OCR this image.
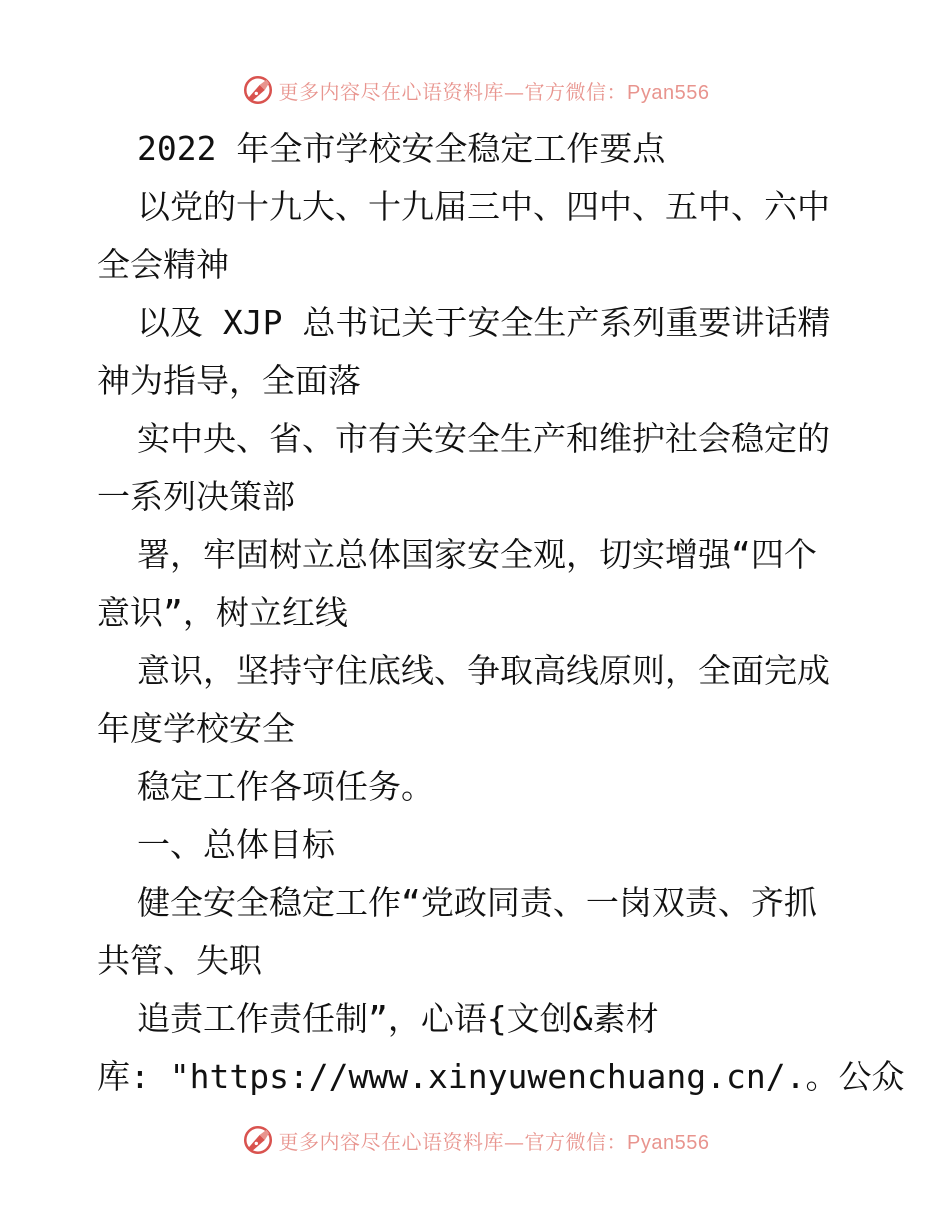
更多内容尽在心语资料库—官方微信：Pyan556
2022 年全市学校安全稳定工作要点
以党的十九大、十九届三中、四中、五中、六中
全会精神
以及 XJP 总书记关于安全生产系列重要讲话精
神为指导，全面落
实中央、省、市有关安全生产和维护社会稳定的
一系列决策部
署，牢固树立总体国家安全观，切实增强“四个
意识”，树立红线
意识，坚持守住底线、争取高线原则，全面完成
年度学校安全
稳定工作各项任务。
一、总体目标
健全安全稳定工作“党政同责、一岗双责、齐抓
共管、失职
追责工作责任制”，心语{文创&素材
库: "https://www.xinyuwenchuang.cn/.。公众
更多内容尽在心语资料库—官方微信：Pyan556
